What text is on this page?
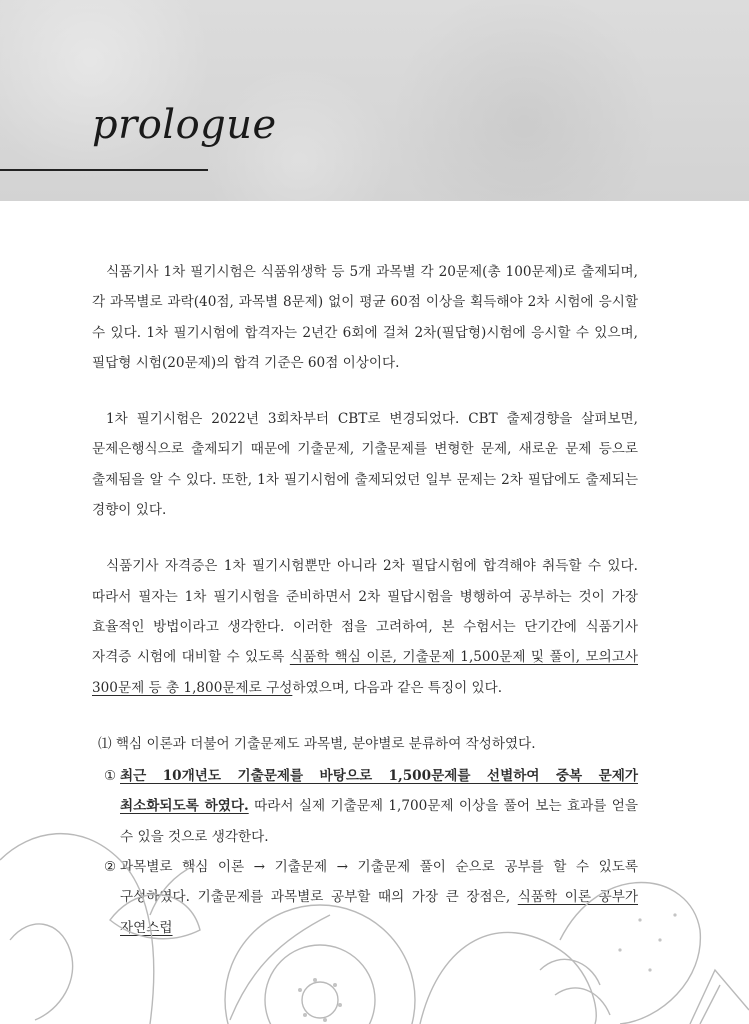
prologue

식품기사 1차 필기시험은 식품위생학 등 5개 과목별 각 20문제(총 100문제)로 출제되며, 각 과목별로 과락(40점, 과목별 8문제) 없이 평균 60점 이상을 획득해야 2차 시험에 응시할 수 있다. 1차 필기시험에 합격자는 2년간 6회에 걸쳐 2차(필답형)시험에 응시할 수 있으며, 필답형 시험(20문제)의 합격 기준은 60점 이상이다.

1차 필기시험은 2022년 3회차부터 CBT로 변경되었다. CBT 출제경향을 살펴보면, 문제은행식으로 출제되기 때문에 기출문제, 기출문제를 변형한 문제, 새로운 문제 등으로 출제됨을 알 수 있다. 또한, 1차 필기시험에 출제되었던 일부 문제는 2차 필답에도 출제되는 경향이 있다.

식품기사 자격증은 1차 필기시험뿐만 아니라 2차 필답시험에 합격해야 취득할 수 있다. 따라서 필자는 1차 필기시험을 준비하면서 2차 필답시험을 병행하여 공부하는 것이 가장 효율적인 방법이라고 생각한다. 이러한 점을 고려하여, 본 수험서는 단기간에 식품기사 자격증 시험에 대비할 수 있도록 식품학 핵심 이론, 기출문제 1,500문제 및 풀이, 모의고사 300문제 등 총 1,800문제로 구성하였으며, 다음과 같은 특징이 있다.

⑴ 핵심 이론과 더불어 기출문제도 과목별, 분야별로 분류하여 작성하였다.
① 최근 10개년도 기출문제를 바탕으로 1,500문제를 선별하여 중복 문제가 최소화되도록 하였다. 따라서 실제 기출문제 1,700문제 이상을 풀어 보는 효과를 얻을 수 있을 것으로 생각한다.
② 과목별로 핵심 이론 → 기출문제 → 기출문제 풀이 순으로 공부를 할 수 있도록 구성하였다. 기출문제를 과목별로 공부할 때의 가장 큰 장점은, 식품학 이론 공부가 자연스럽
